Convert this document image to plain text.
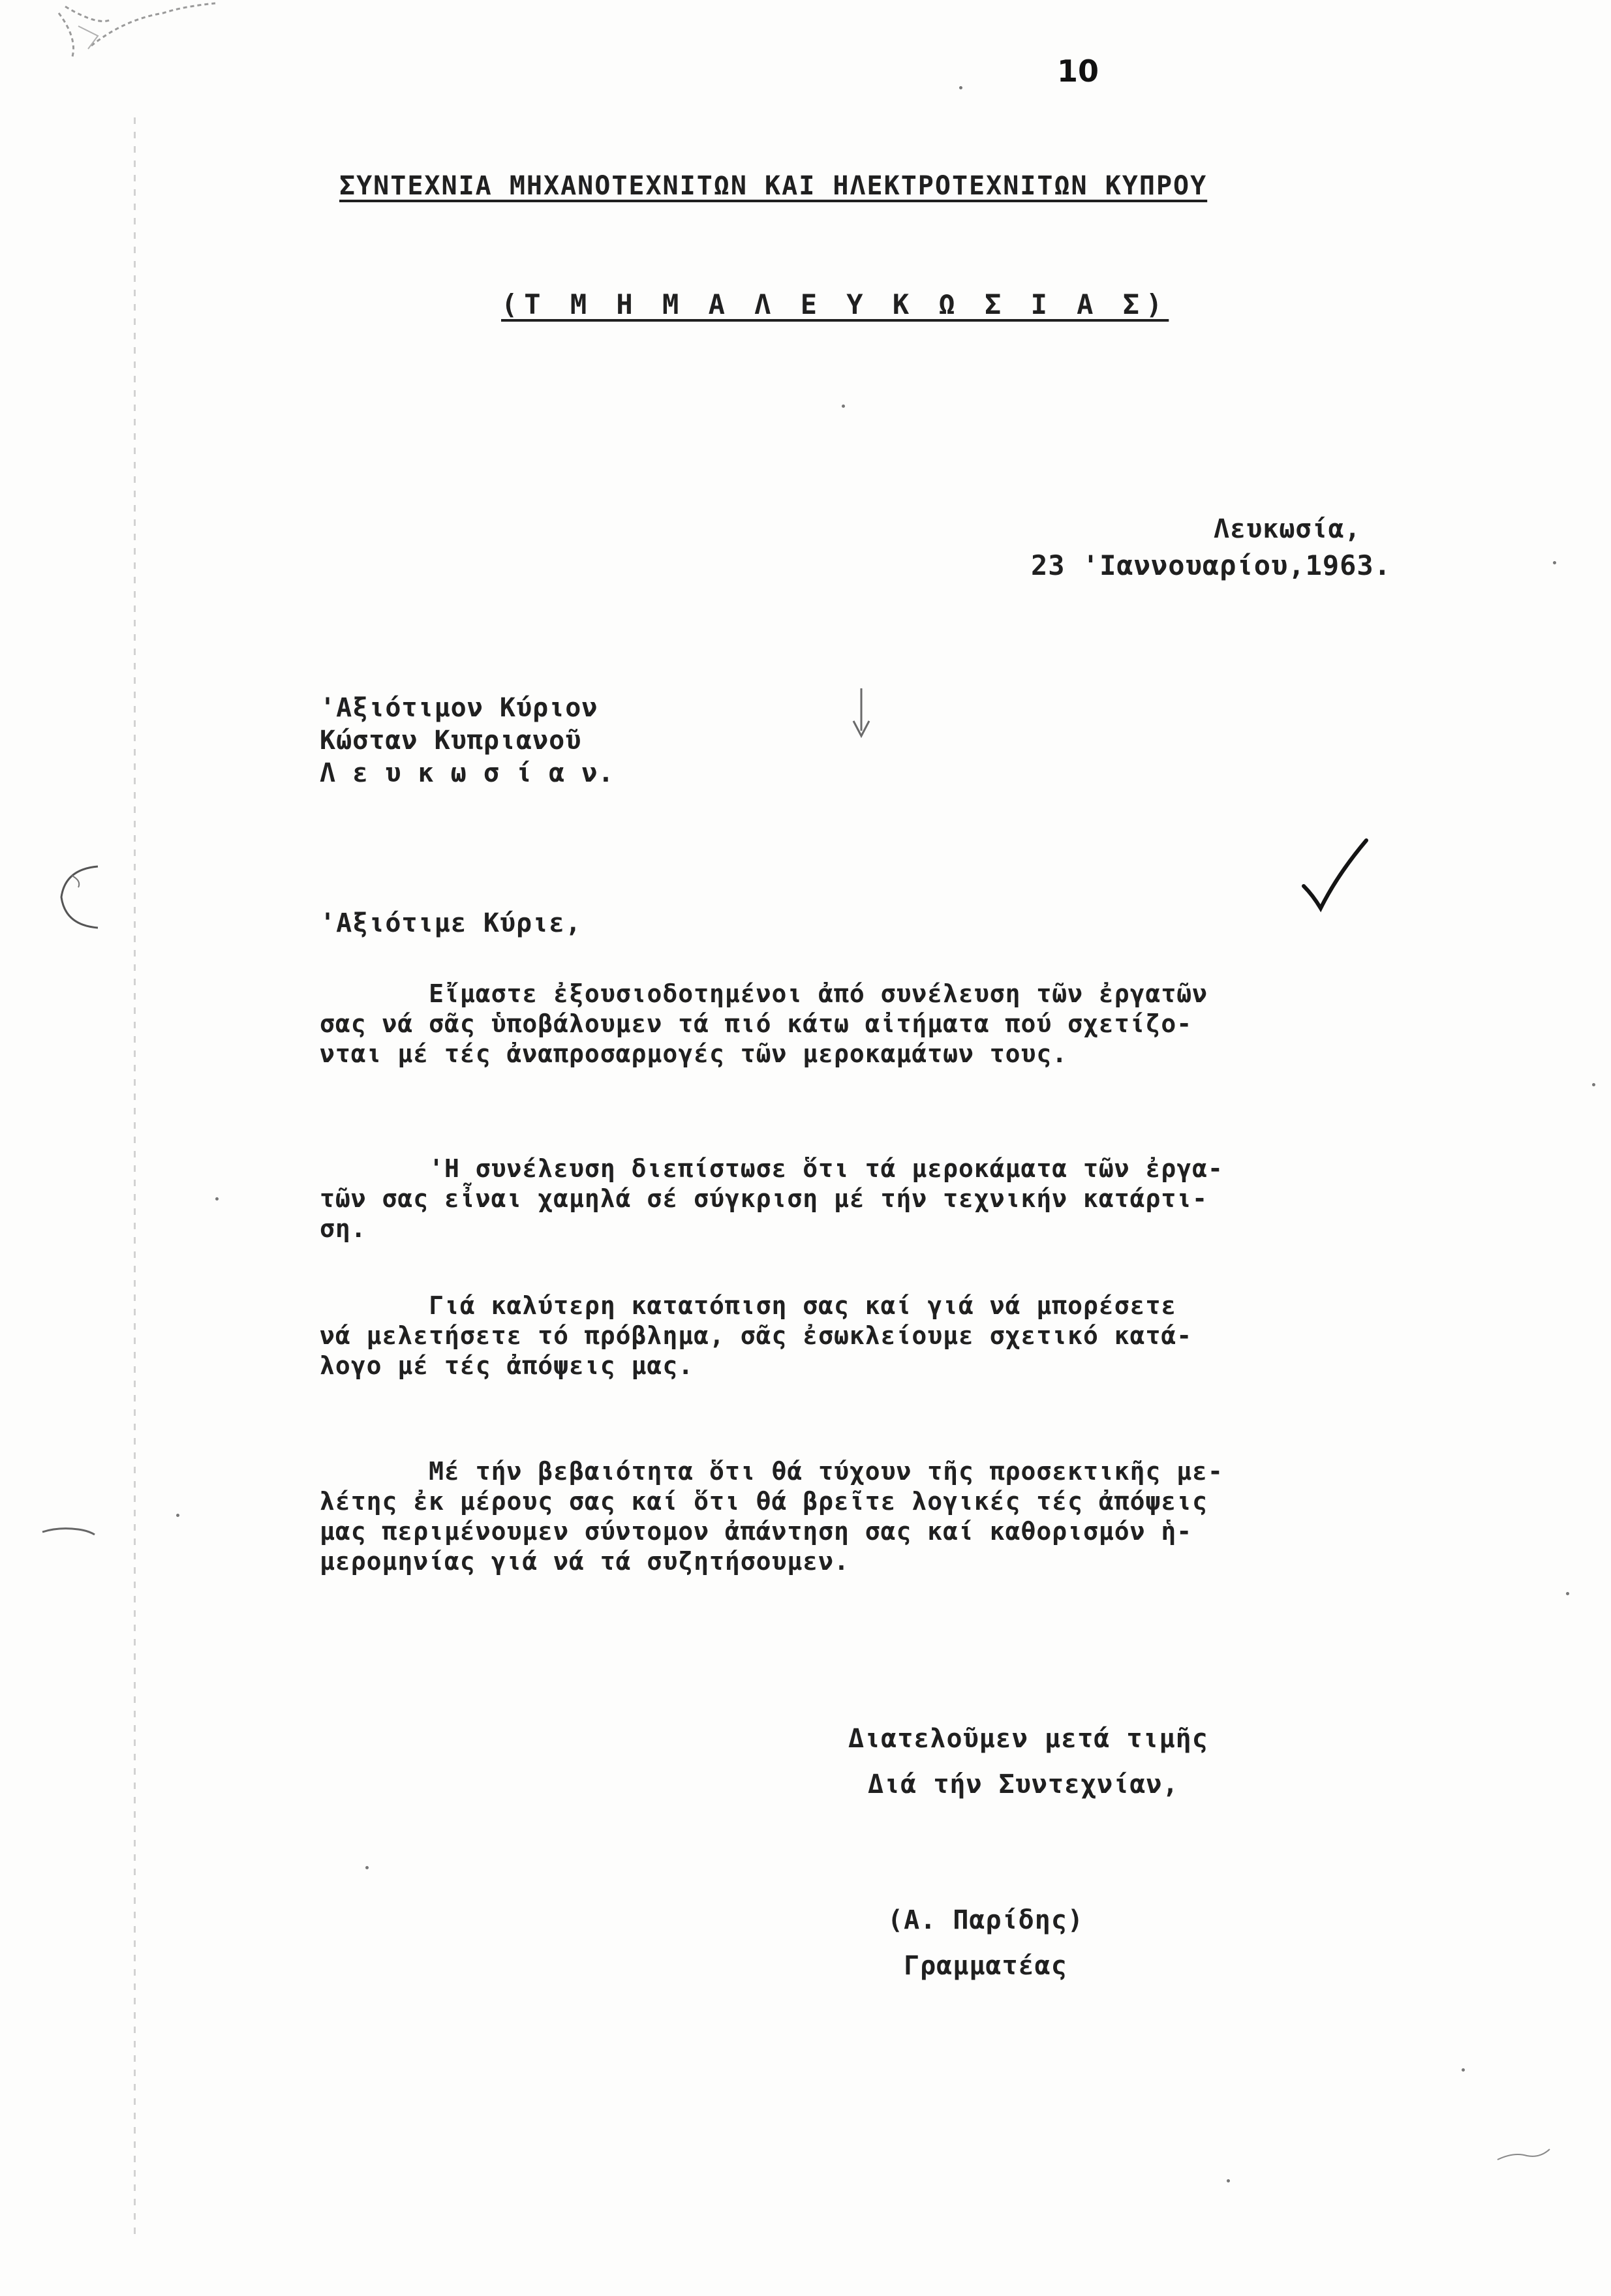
10
ΣΥΝΤΕΧΝΙΑ ΜΗΧΑΝΟΤΕΧΝΙΤΩΝ ΚΑΙ ΗΛΕΚΤΡΟΤΕΧΝΙΤΩΝ ΚΥΠΡΟΥ
(Τ Μ Η Μ Α Λ Ε Υ Κ Ω Σ Ι Α Σ)
Λευκωσία,
23 'Ιαννουαρίου,1963.
'Αξιότιμον Κύριον
Κώσταν Κυπριανοῦ
Λ ε υ κ ω σ ί α ν.
'Αξιότιμε Κύριε,

Εἴμαστε ἐξουσιοδοτημένοι ἀπό συνέλευση τῶν ἐργατῶν
σας νά σᾶς ὑποβάλουμεν τά πιό κάτω αἰτήματα πού σχετίζο-
νται μέ τές ἀναπροσαρμογές τῶν μεροκαμάτων τους.

'Η συνέλευση διεπίστωσε ὅτι τά μεροκάματα τῶν ἐργα-
τῶν σας εἶναι χαμηλά σέ σύγκριση μέ τήν τεχνικήν κατάρτι-
ση.

Γιά καλύτερη κατατόπιση σας καί γιά νά μπορέσετε
νά μελετήσετε τό πρόβλημα, σᾶς ἐσωκλείουμε σχετικό κατά-
λογο μέ τές ἀπόψεις μας.

Μέ τήν βεβαιότητα ὅτι θά τύχουν τῆς προσεκτικῆς με-
λέτης ἐκ μέρους σας καί ὅτι θά βρεῖτε λογικές τές ἀπόψεις
μας περιμένουμεν σύντομον ἀπάντηση σας καί καθορισμόν ἡ-
μερομηνίας γιά νά τά συζητήσουμεν.

Διατελοῦμεν μετά τιμῆς
Διά τήν Συντεχνίαν,
(Α. Παρίδης)
Γραμματέας
